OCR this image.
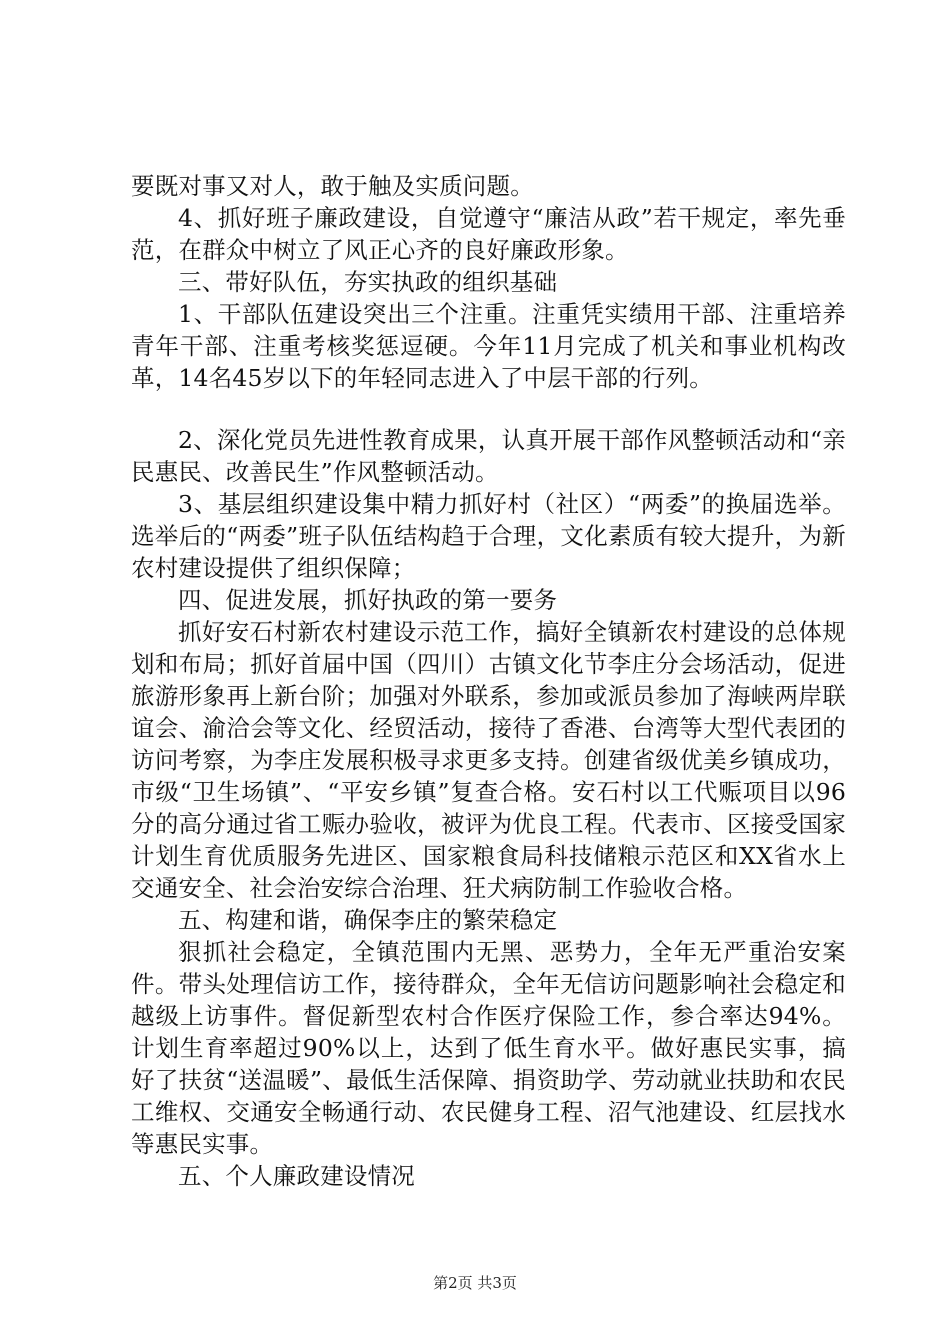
要既对事又对人，敢于触及实质问题。

4、抓好班子廉政建设，自觉遵守“廉洁从政”若干规定，率先垂范，在群众中树立了风正心齐的良好廉政形象。

三、带好队伍，夯实执政的组织基础

1、干部队伍建设突出三个注重。注重凭实绩用干部、注重培养青年干部、注重考核奖惩逗硬。今年11月完成了机关和事业机构改革，14名45岁以下的年轻同志进入了中层干部的行列。

2、深化党员先进性教育成果，认真开展干部作风整顿活动和“亲民惠民、改善民生”作风整顿活动。

3、基层组织建设集中精力抓好村（社区）“两委”的换届选举。选举后的“两委”班子队伍结构趋于合理，文化素质有较大提升，为新农村建设提供了组织保障；

四、促进发展，抓好执政的第一要务

抓好安石村新农村建设示范工作，搞好全镇新农村建设的总体规划和布局；抓好首届中国（四川）古镇文化节李庄分会场活动，促进旅游形象再上新台阶；加强对外联系，参加或派员参加了海峡两岸联谊会、渝洽会等文化、经贸活动，接待了香港、台湾等大型代表团的访问考察，为李庄发展积极寻求更多支持。创建省级优美乡镇成功，市级“卫生场镇”、“平安乡镇”复查合格。安石村以工代赈项目以96分的高分通过省工赈办验收，被评为优良工程。代表市、区接受国家计划生育优质服务先进区、国家粮食局科技储粮示范区和XX省水上交通安全、社会治安综合治理、狂犬病防制工作验收合格。

五、构建和谐，确保李庄的繁荣稳定

狠抓社会稳定，全镇范围内无黑、恶势力，全年无严重治安案件。带头处理信访工作，接待群众，全年无信访问题影响社会稳定和越级上访事件。督促新型农村合作医疗保险工作，参合率达94%。计划生育率超过90%以上，达到了低生育水平。做好惠民实事，搞好了扶贫“送温暖”、最低生活保障、捐资助学、劳动就业扶助和农民工维权、交通安全畅通行动、农民健身工程、沼气池建设、红层找水等惠民实事。

五、个人廉政建设情况

第2页 共3页
